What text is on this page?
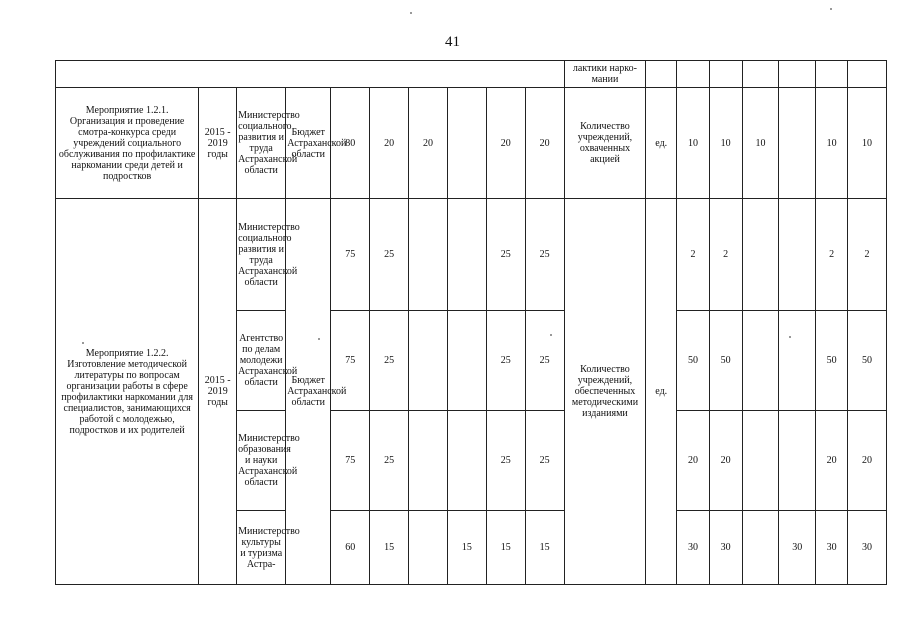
41
										лактики нарко-мании							
Мероприятие 1.2.1. Организация и проведение смотра-конкурса среди учреждений социального обслуживания по профилактике наркомании среди детей и подростков	2015 - 2019 годы	Министерство социального развития и труда Астраханской области	Бюджет Астраханской области	80	20	20		20	20	Количество учреждений, охваченных акцией	ед.	10	10	10		10	10
Мероприятие 1.2.2. Изготовление методической литературы по вопросам организации работы в сфере профилактики наркомании для специалистов, занимающихся работой с молодежью, подростков и их родителей	2015 - 2019 годы	Министерство социального развития и труда Астраханской области	Бюджет Астраханской области	75	25			25	25	Количество учреждений, обеспеченных методическими изданиями	ед.	2	2			2	2
		Агентство по делам молодежи Астраханской области		75	25			25	25			50	50			50	50
		Министерство образования и науки Астраханской области		75	25			25	25			20	20			20	20
		Министерство культуры и туризма Астра-		60	15		15	15	15			30	30		30	30	30
